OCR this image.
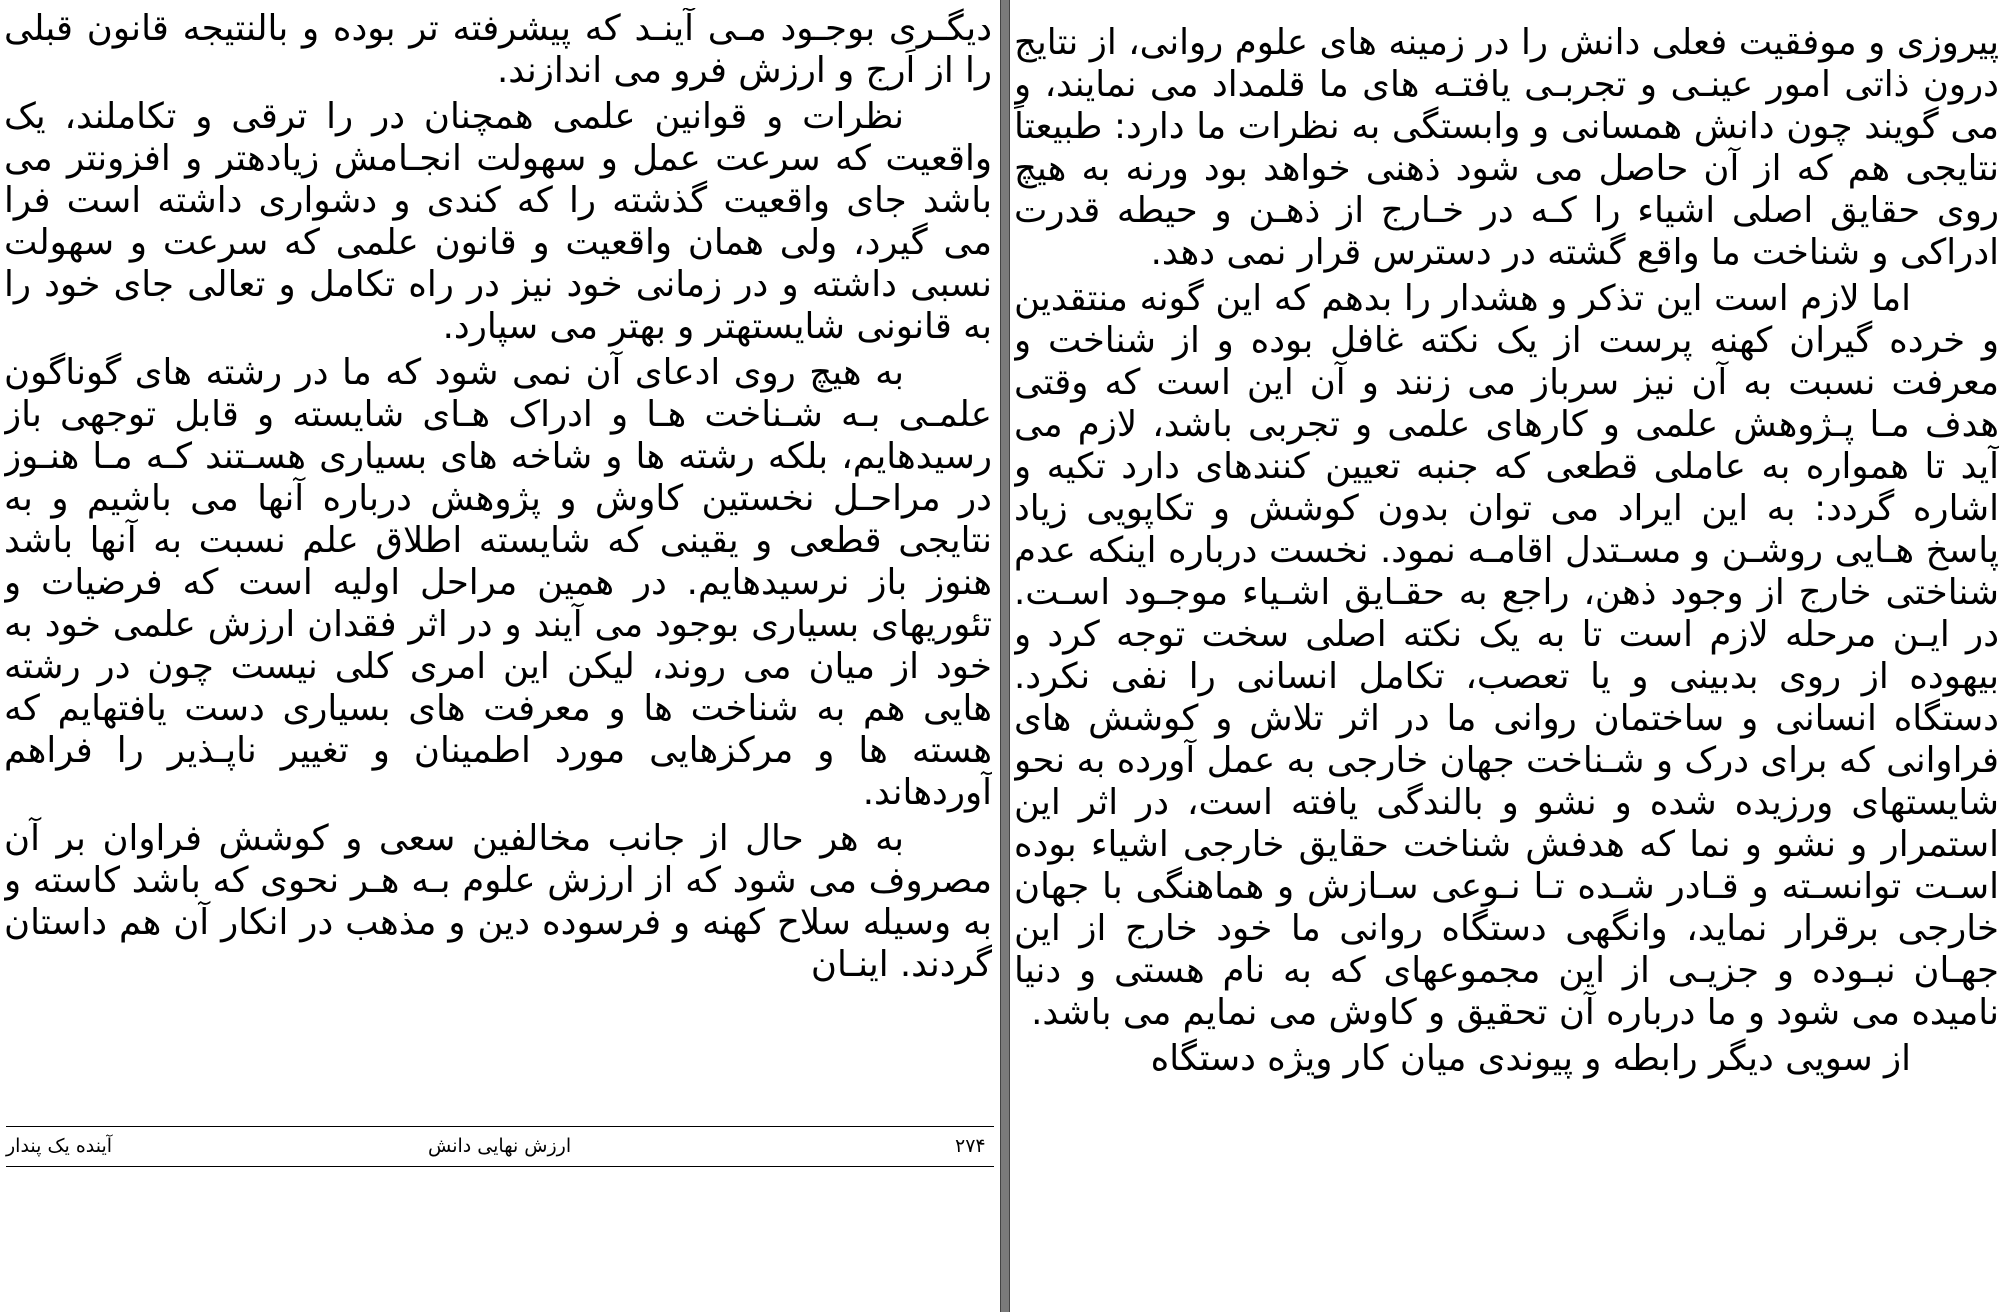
دیگـری بوجـود مـی آینـد که پیشرفته تر بوده و بالنتیجه قانون قبلی را از اَرج و ارزش فرو می اندازند.

نظرات و قوانین علمی همچنان در را ترقی و تکاملند، یک واقعیت که سرعت عمل و سهولت انجـامش زیادهتر و افزونتر می باشد جای واقعیت گذشته را که کندی و دشواری داشته است فرا می گیرد، ولی همان واقعیت و قانون علمی که سرعت و سهولت نسبی داشته و در زمانی خود نیز در راه تکامل و تعالی جای خود را به قانونی شایستهتر و بهتر می سپارد.

به هیچ روی ادعای آن نمی شود که ما در رشته های گوناگون علمـی بـه شـناخت هـا و ادراک هـای شایسته و قابل توجهی باز رسیدهایم، بلکه رشته ها و شاخه های بسیاری هسـتند کـه مـا هنـوز در مراحـل نخستین کاوش و پژوهش درباره آنها می باشیم و به نتایجی قطعی و یقینی که شایسته اطلاق علم نسبت به آنها باشد هنوز باز نرسیدهایم. در همین مراحل اولیه است که فرضیات و تئوریهای بسیاری بوجود می آیند و در اثر فقدان ارزش علمی خود به خود از میان می روند، لیکن این امری کلی نیست چون در رشته هایی هم به شناخت ها و معرفت های بسیاری دست یافتهایم که هسته ها و مرکزهایی مورد اطمینان و تغییر ناپـذیر را فراهم آوردهاند.

به هر حال از جانب مخالفین سعی و کوشش فراوان بر آن مصروف می شود که از ارزش علوم بـه هـر نحوی که باشد کاسته و به وسیله سلاح کهنه و فرسوده دین و مذهب در انکار آن هم داستان گردند. اینـان

۲۷۴
ارزش نهایی دانش
آینده یک پندار

پیروزی و موفقیت فعلی دانش را در زمینه های علوم روانی، از نتایج درون ذاتی امور عینـی و تجربـی یافتـه های ما قلمداد می نمایند، و می گویند چون دانش همسانی و وابستگی به نظرات ما دارد: طبیعتاً نتایجی هم که از آن حاصل می شود ذهنی خواهد بود ورنه به هیچ روی حقایق اصلی اشیاء را کـه در خـارج از ذهـن و حیطه قدرت ادراکی و شناخت ما واقع گشته در دسترس قرار نمی دهد.

اما لازم است این تذکر و هشدار را بدهم که این گونه منتقدین و خرده گیران کهنه پرست از یک نکته غافل بوده و از شناخت و معرفت نسبت به آن نیز سرباز می زنند و آن این است که وقتی هدف مـا پـژوهش علمی و کارهای علمی و تجربی باشد، لازم می آید تا همواره به عاملی قطعی که جنبه تعیین کنندهای دارد تکیه و اشاره گردد: به این ایراد می توان بدون کوشش و تکاپویی زیاد پاسخ هـایی روشـن و مسـتدل اقامـه نمود. نخست درباره اینکه عدم شناختی خارج از وجود ذهن، راجع به حقـایق اشـیاء موجـود اسـت. در ایـن مرحله لازم است تا به یک نکته اصلی سخت توجه کرد و بیهوده از روی بدبینی و یا تعصب، تکامل انسانی را نفی نکرد. دستگاه انسانی و ساختمان روانی ما در اثر تلاش و کوشش های فراوانی که برای درک و شـناخت جهان خارجی به عمل آورده به نحو شایستهای ورزیده شده و نشو و بالندگی یافته است، در اثر این استمرار و نشو و نما که هدفش شناخت حقایق خارجی اشیاء بوده اسـت توانسـته و قـادر شـده تـا نـوعی سـازش و هماهنگی با جهان خارجی برقرار نماید، وانگهی دستگاه روانی ما خود خارج از این جهـان نبـوده و جزیـی از این مجموعهای که به نام هستی و دنیا نامیده می شود و ما درباره آن تحقیق و کاوش می نمایم می باشد.

از سویی دیگر رابطه و پیوندی میان کار ویژه دستگاه
